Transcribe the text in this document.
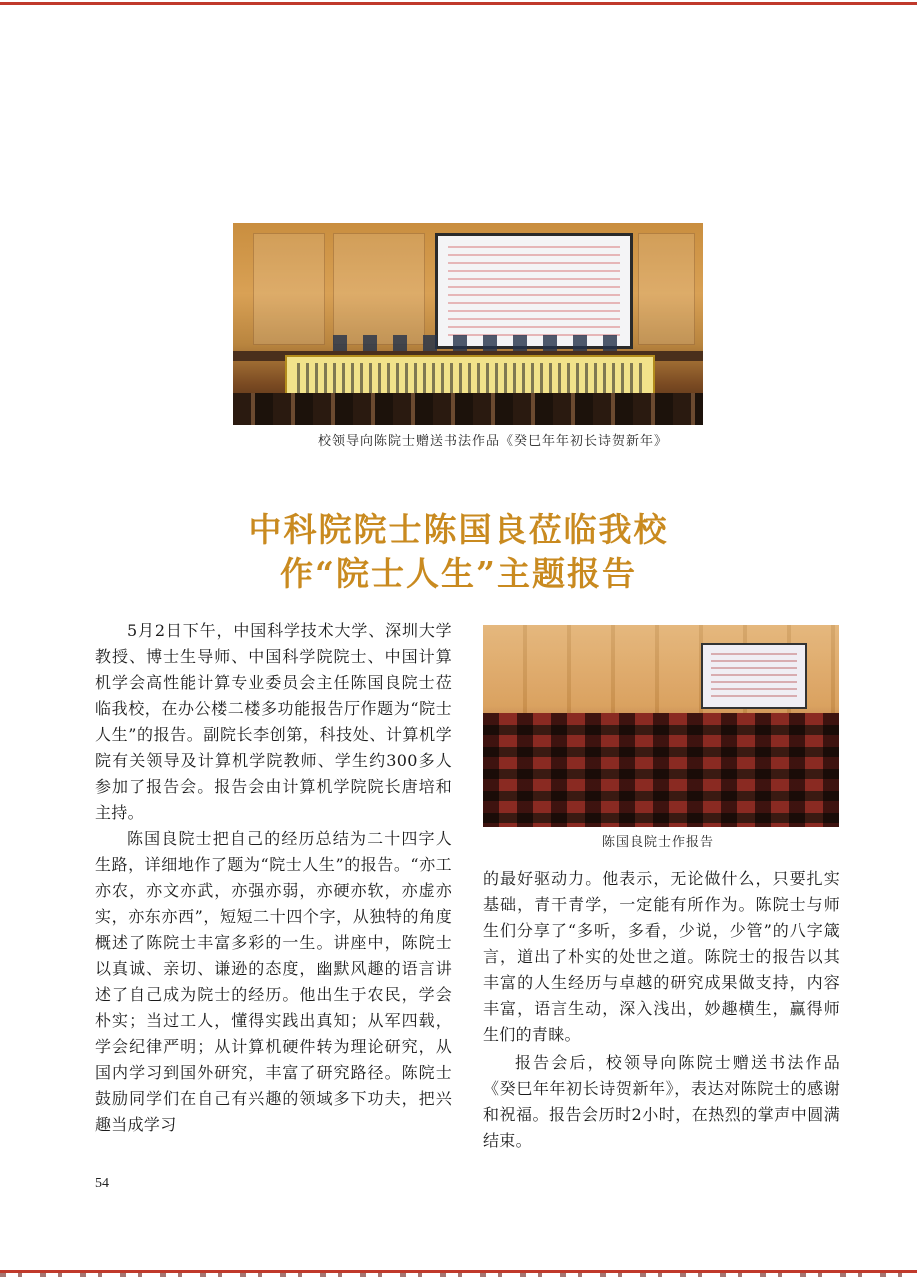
校领导向陈院士赠送书法作品《癸巳年年初长诗贺新年》
中科院院士陈国良莅临我校
作“院士人生”主题报告

5月2日下午，中国科学技术大学、深圳大学教授、博士生导师、中国科学院院士、中国计算机学会高性能计算专业委员会主任陈国良院士莅临我校，在办公楼二楼多功能报告厅作题为“院士人生”的报告。副院长李创第，科技处、计算机学院有关领导及计算机学院教师、学生约300多人参加了报告会。报告会由计算机学院院长唐培和主持。

陈国良院士把自己的经历总结为二十四字人生路，详细地作了题为“院士人生”的报告。“亦工亦农，亦文亦武，亦强亦弱，亦硬亦软，亦虚亦实，亦东亦西”，短短二十四个字，从独特的角度概述了陈院士丰富多彩的一生。讲座中，陈院士以真诚、亲切、谦逊的态度，幽默风趣的语言讲述了自己成为院士的经历。他出生于农民，学会朴实；当过工人，懂得实践出真知；从军四载，学会纪律严明；从计算机硬件转为理论研究，从国内学习到国外研究，丰富了研究路径。陈院士鼓励同学们在自己有兴趣的领域多下功夫，把兴趣当成学习

陈国良院士作报告

的最好驱动力。他表示，无论做什么，只要扎实基础，青干青学，一定能有所作为。陈院士与师生们分享了“多听，多看，少说，少管”的八字箴言，道出了朴实的处世之道。陈院士的报告以其丰富的人生经历与卓越的研究成果做支持，内容丰富，语言生动，深入浅出，妙趣横生，赢得师生们的青睐。

报告会后，校领导向陈院士赠送书法作品《癸巳年年初长诗贺新年》，表达对陈院士的感谢和祝福。报告会历时2小时，在热烈的掌声中圆满结束。

54
